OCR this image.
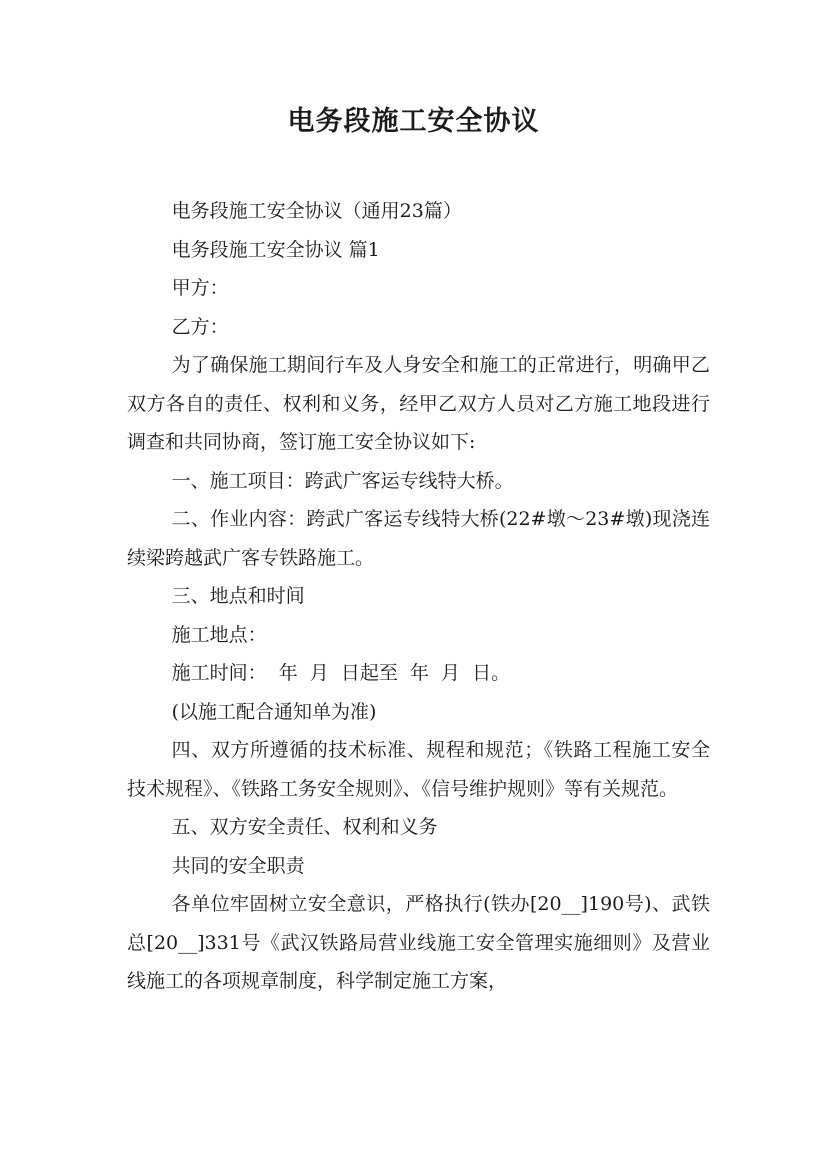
电务段施工安全协议

电务段施工安全协议（通用23篇）

电务段施工安全协议 篇1

甲方：

乙方：

为了确保施工期间行车及人身安全和施工的正常进行，明确甲乙双方各自的责任、权利和义务，经甲乙双方人员对乙方施工地段进行调查和共同协商，签订施工安全协议如下:

一、施工项目：跨武广客运专线特大桥。

二、作业内容：跨武广客运专线特大桥(22#墩～23#墩)现浇连续梁跨越武广客专铁路施工。

三、地点和时间

施工地点：

施工时间：  年  月  日起至  年  月  日。

(以施工配合通知单为准)

四、双方所遵循的技术标准、规程和规范；《铁路工程施工安全技术规程》、《铁路工务安全规则》、《信号维护规则》等有关规范。

五、双方安全责任、权利和义务

共同的安全职责

各单位牢固树立安全意识，严格执行(铁办[20__]190号)、武铁总[20__]331号《武汉铁路局营业线施工安全管理实施细则》及营业线施工的各项规章制度，科学制定施工方案，
